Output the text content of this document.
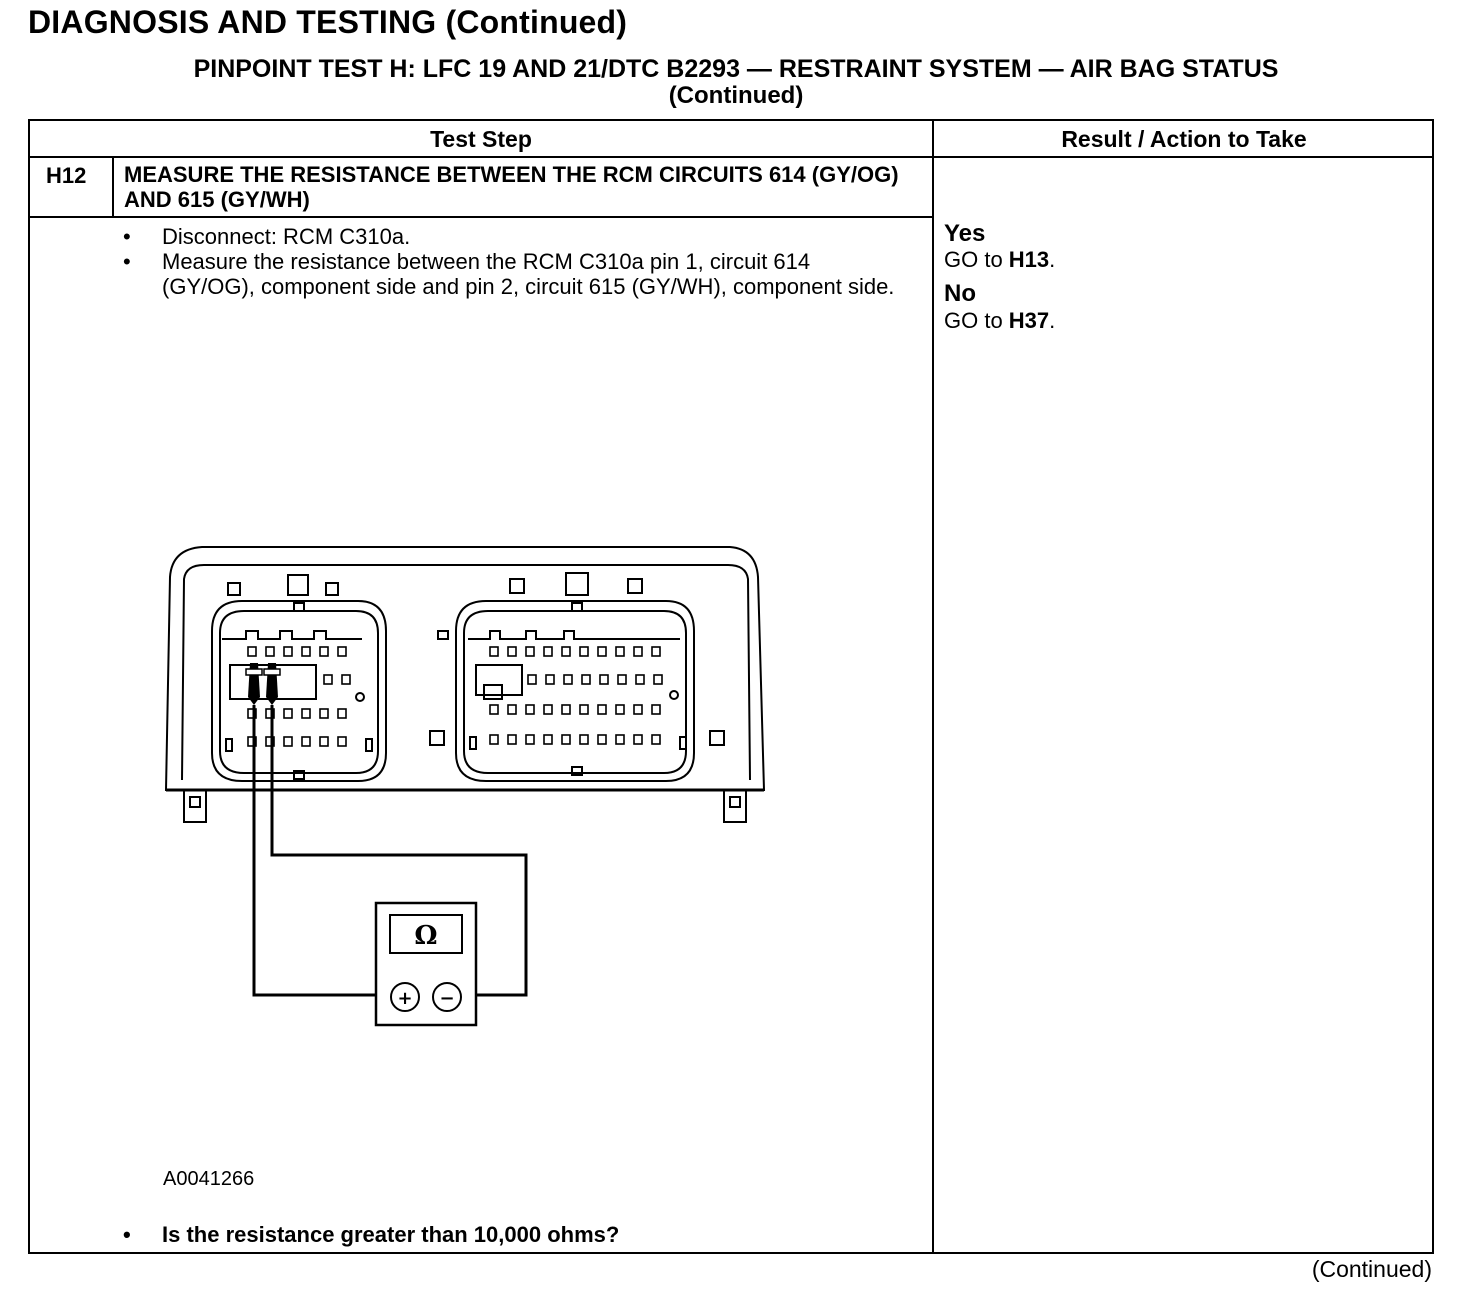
DIAGNOSIS AND TESTING (Continued)
PINPOINT TEST H: LFC 19 AND 21/DTC B2293 — RESTRAINT SYSTEM — AIR BAG STATUS
(Continued)
Test Step	Result / Action to Take
H12 MEASURE THE RESISTANCE BETWEEN THE RCM CIRCUITS 614 (GY/OG) AND 615 (GY/WH)
• Disconnect: RCM C310a.
• Measure the resistance between the RCM C310a pin 1, circuit 614 (GY/OG), component side and pin 2, circuit 615 (GY/WH), component side.
Ω
+ −
A0041266
• Is the resistance greater than 10,000 ohms?
Yes
GO to H13.
No
GO to H37.
(Continued)
